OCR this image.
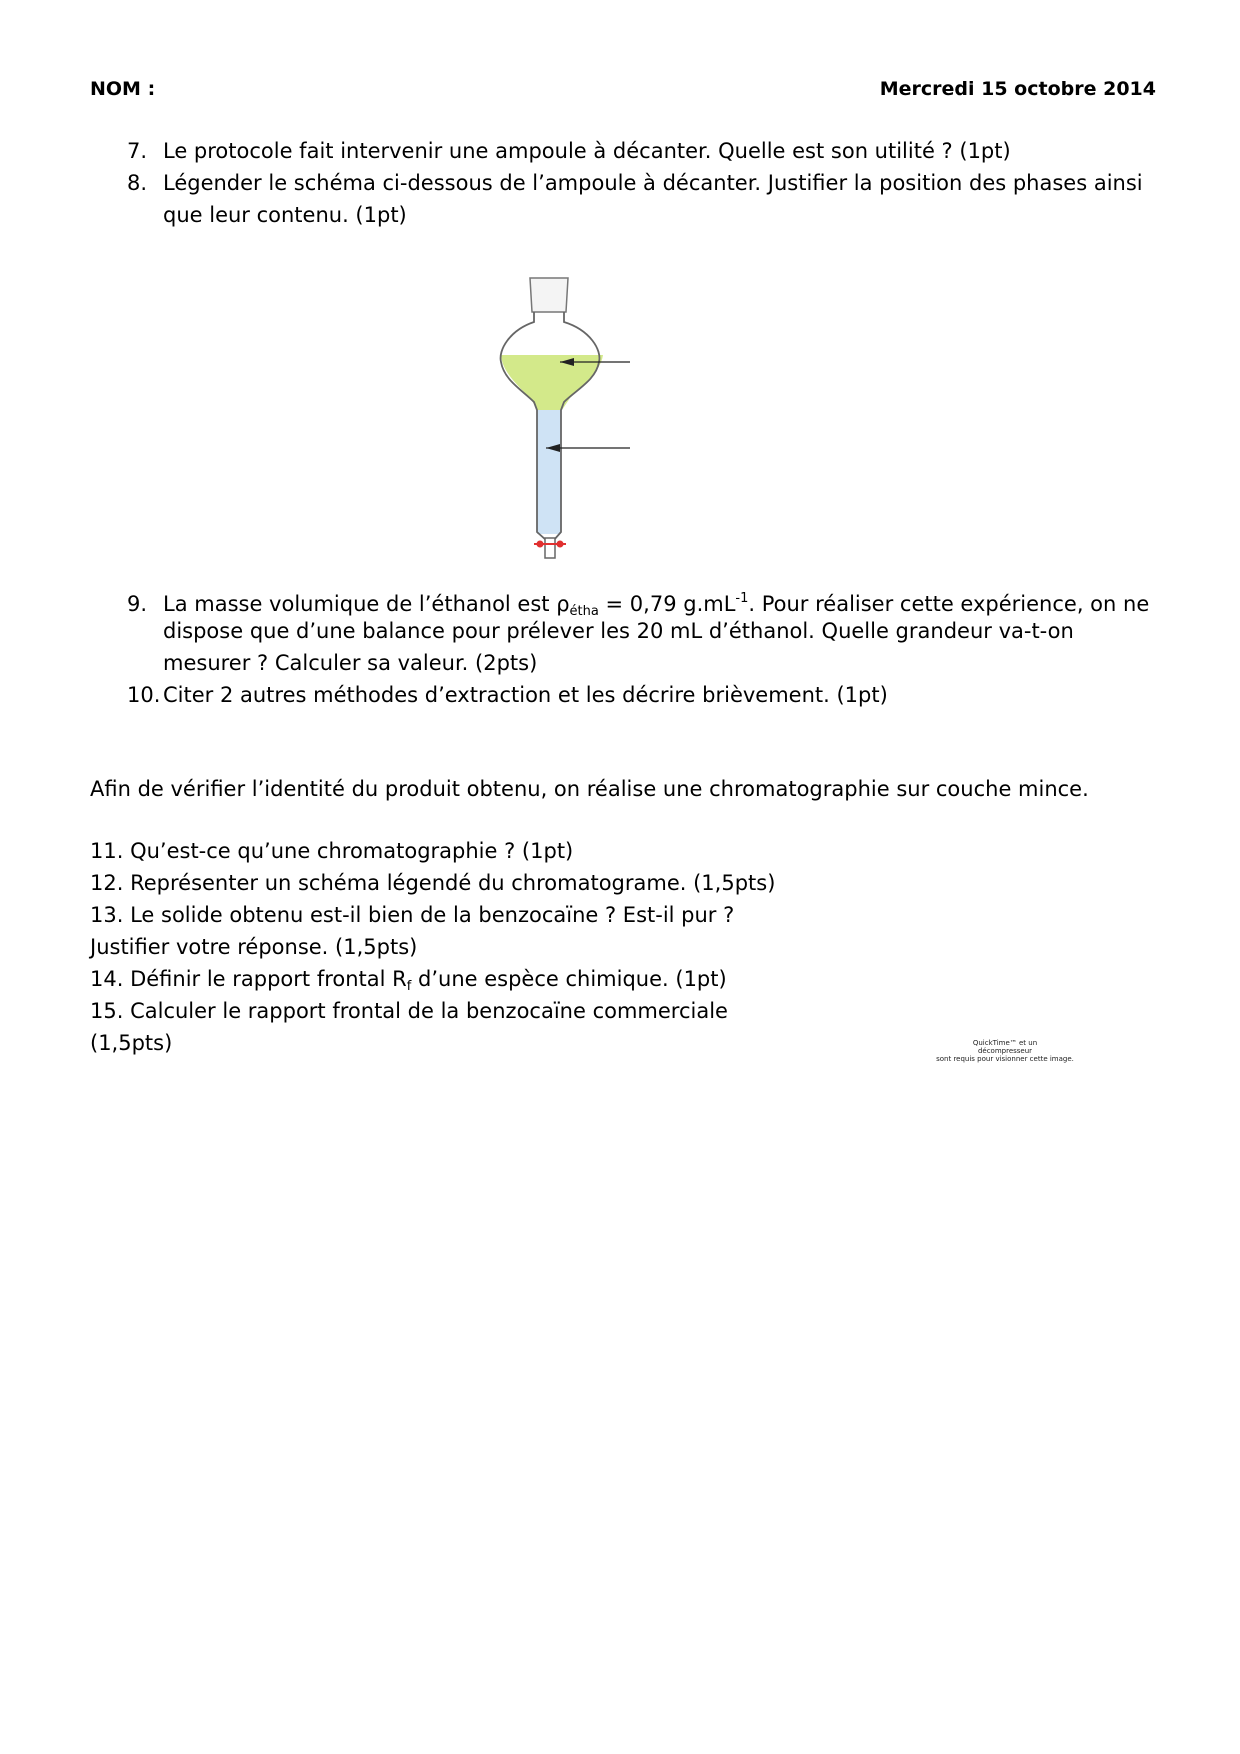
NOM :	Mercredi 15 octobre 2014
7. Le protocole fait intervenir une ampoule à décanter. Quelle est son utilité ? (1pt)
8. Légender le schéma ci-dessous de l’ampoule à décanter. Justifier la position des phases ainsi
que leur contenu. (1pt)
9. La masse volumique de l’éthanol est $\rho_{étha} = 0,79$ $g.mL^{-1}$. Pour réaliser cette expérience, on ne
dispose que d’une balance pour prélever les 20 mL d’éthanol. Quelle grandeur va-t-on
mesurer ? Calculer sa valeur. (2pts)
10. Citer 2 autres méthodes d’extraction et les décrire brièvement. (1pt)
Afin de vérifier l’identité du produit obtenu, on réalise une chromatographie sur couche mince.
11. Qu’est-ce qu’une chromatographie ? (1pt)
12. Représenter un schéma légendé du chromatograme. (1,5pts)
13. Le solide obtenu est-il bien de la benzocaïne ? Est-il pur ?
Justifier votre réponse. (1,5pts)
14. Définir le rapport frontal $R_f$ d’une espèce chimique. (1pt)
15. Calculer le rapport frontal de la benzocaïne commerciale
(1,5pts)	QuickTime™ et un
décompresseur
sont requis pour visionner cette image.
